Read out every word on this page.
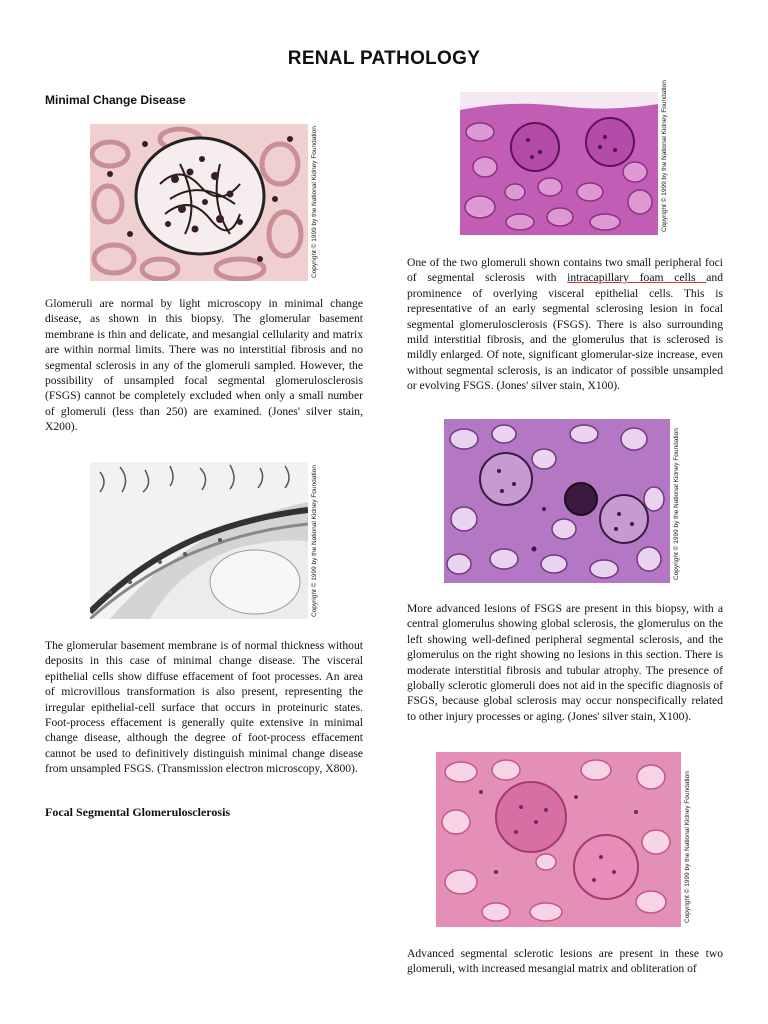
RENAL PATHOLOGY
Minimal Change Disease
Copyright © 1999 by the National Kidney Foundation

Glomeruli are normal by light microscopy in minimal change disease, as shown in this biopsy. The glomerular basement membrane is thin and delicate, and mesangial cellularity and matrix are within normal limits. There was no interstitial fibrosis and no segmental sclerosis in any of the glomeruli sampled. However, the possibility of unsampled focal segmental glomerulosclerosis (FSGS) cannot be completely excluded when only a small number of glomeruli (less than 250) are examined. (Jones' silver stain, X200).

Copyright © 1999 by the National Kidney Foundation

The glomerular basement membrane is of normal thickness without deposits in this case of minimal change disease. The visceral epithelial cells show diffuse effacement of foot processes. An area of microvillous transformation is also present, representing the irregular epithelial-cell surface that occurs in proteinuric states. Foot-process effacement is generally quite extensive in minimal change disease, although the degree of foot-process effacement cannot be used to definitively distinguish minimal change disease from unsampled FSGS. (Transmission electron microscopy, X800).

Focal Segmental Glomerulosclerosis
Copyright © 1999 by the National Kidney Foundation

One of the two glomeruli shown contains two small peripheral foci of segmental sclerosis with intracapillary foam cells and prominence of overlying visceral epithelial cells. This is representative of an early segmental sclerosing lesion in focal segmental glomerulosclerosis (FSGS). There is also surrounding mild interstitial fibrosis, and the glomerulus that is sclerosed is mildly enlarged. Of note, significant glomerular-size increase, even without segmental sclerosis, is an indicator of possible unsampled or evolving FSGS. (Jones' silver stain, X100).

Copyright © 1999 by the National Kidney Foundation

More advanced lesions of FSGS are present in this biopsy, with a central glomerulus showing global sclerosis, the glomerulus on the left showing well-defined peripheral segmental sclerosis, and the glomerulus on the right showing no lesions in this section. There is moderate interstitial fibrosis and tubular atrophy. The presence of globally sclerotic glomeruli does not aid in the specific diagnosis of FSGS, because global sclerosis may occur nonspecifically related to other injury processes or aging. (Jones' silver stain, X100).

Copyright © 1999 by the National Kidney Foundation

Advanced segmental sclerotic lesions are present in these two glomeruli, with increased mesangial matrix and obliteration of
